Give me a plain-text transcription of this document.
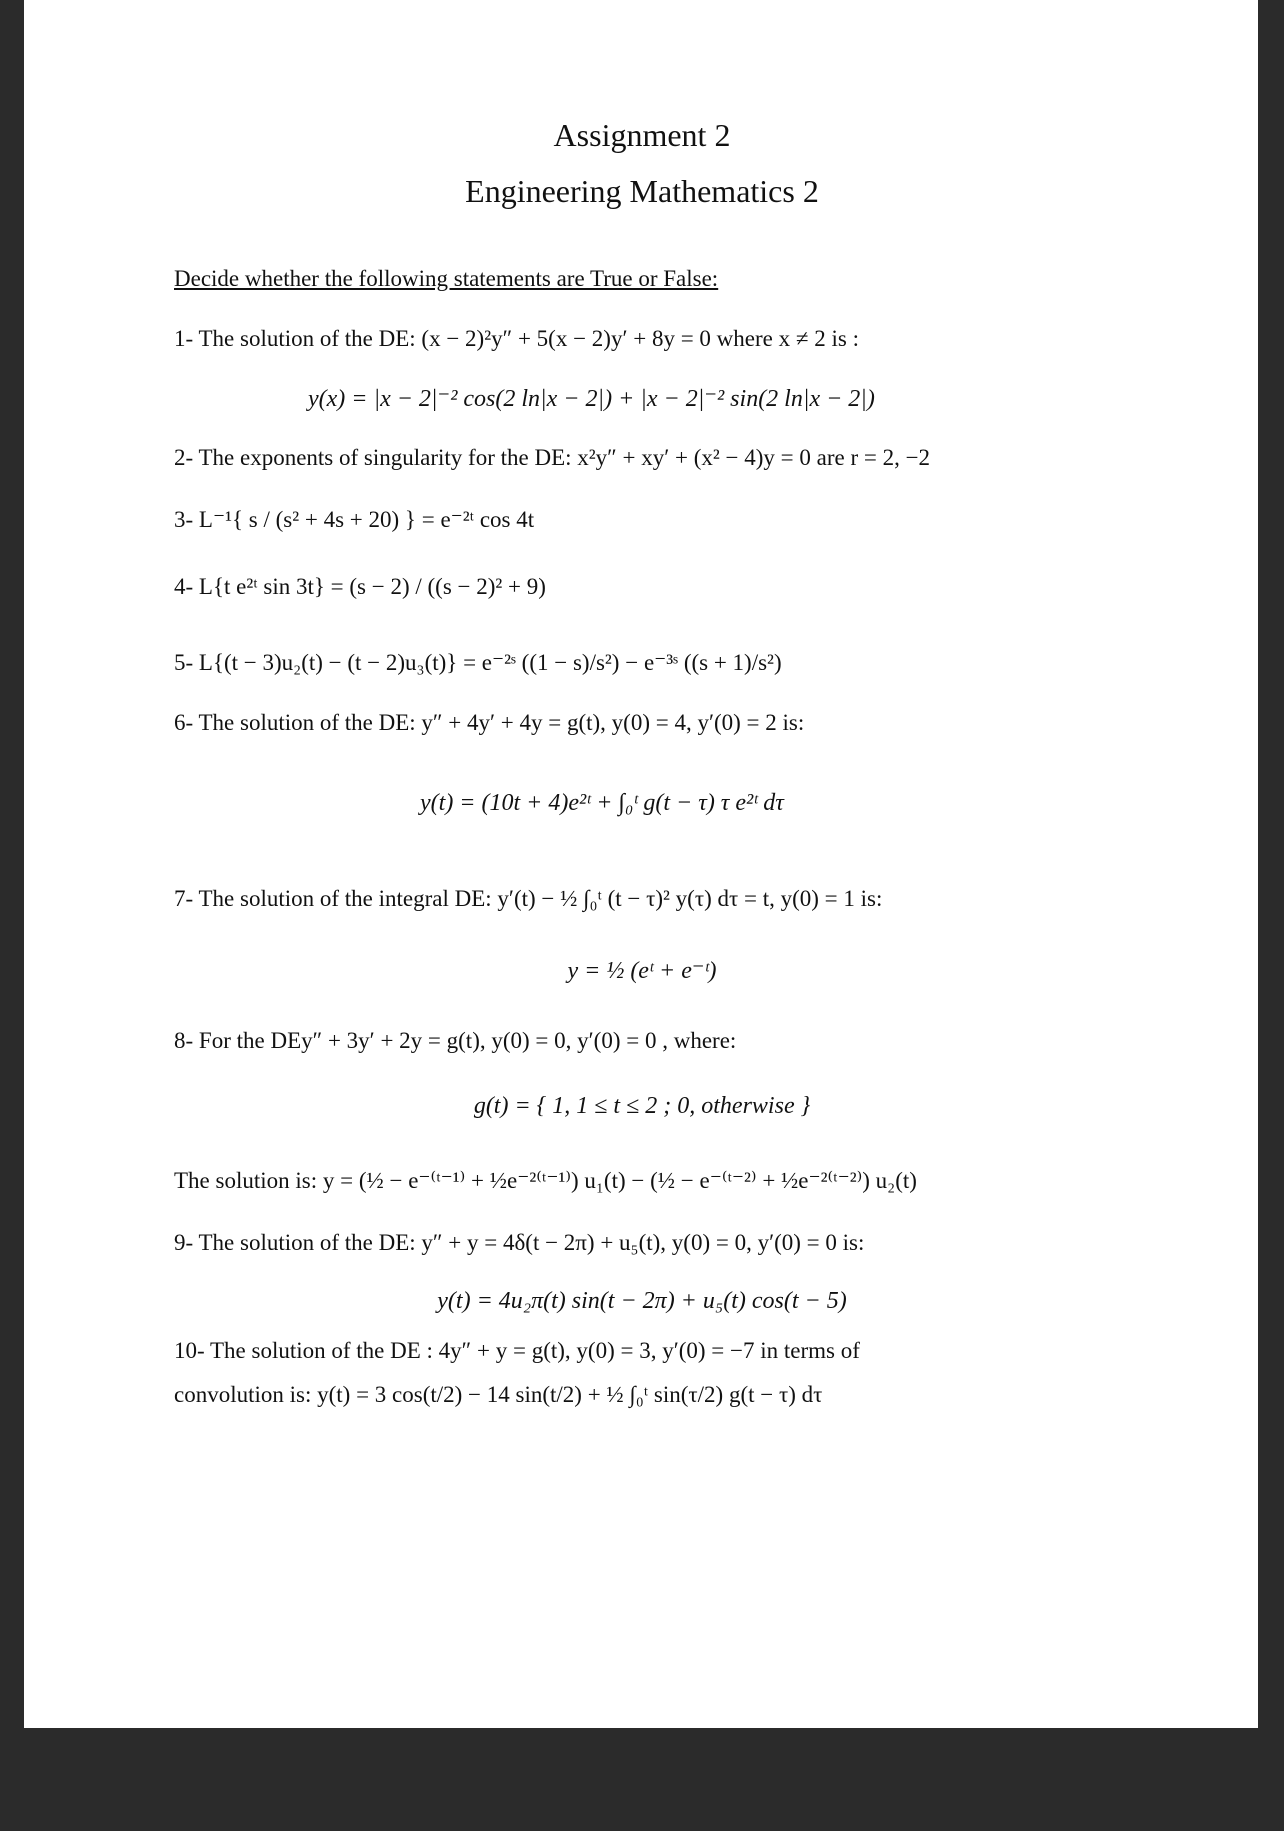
Assignment 2
Engineering Mathematics 2
Decide whether the following statements are True or False:
1- The solution of the DE: (x − 2)²y″ + 5(x − 2)y′ + 8y = 0 where x ≠ 2 is :
y(x) = |x − 2|⁻² cos(2 ln|x − 2|) + |x − 2|⁻² sin(2 ln|x − 2|)
2- The exponents of singularity for the DE: x²y″ + xy′ + (x² − 4)y = 0 are r = 2, −2
3- L⁻¹{ s / (s² + 4s + 20) } = e⁻²ᵗ cos 4t
4- L{t e²ᵗ sin 3t} = (s − 2) / ((s − 2)² + 9)
5- L{(t − 3)u₂(t) − (t − 2)u₃(t)} = e⁻²ˢ ((1 − s)/s²) − e⁻³ˢ ((s + 1)/s²)
6- The solution of the DE: y″ + 4y′ + 4y = g(t), y(0) = 4, y′(0) = 2 is:
y(t) = (10t + 4)e²ᵗ + ∫₀ᵗ g(t − τ) τ e²ᵗ dτ
7- The solution of the integral DE: y′(t) − ½ ∫₀ᵗ (t − τ)² y(τ) dτ = t, y(0) = 1 is:
y = ½ (eᵗ + e⁻ᵗ)
8- For the DEy″ + 3y′ + 2y = g(t), y(0) = 0, y′(0) = 0 , where:
g(t) = { 1, 1 ≤ t ≤ 2 ; 0, otherwise }
The solution is: y = (½ − e⁻⁽ᵗ⁻¹⁾ + ½e⁻²⁽ᵗ⁻¹⁾) u₁(t) − (½ − e⁻⁽ᵗ⁻²⁾ + ½e⁻²⁽ᵗ⁻²⁾) u₂(t)
9- The solution of the DE: y″ + y = 4δ(t − 2π) + u₅(t), y(0) = 0, y′(0) = 0 is:
y(t) = 4u₂π(t) sin(t − 2π) + u₅(t) cos(t − 5)
10- The solution of the DE : 4y″ + y = g(t), y(0) = 3, y′(0) = −7 in terms of
convolution is: y(t) = 3 cos(t/2) − 14 sin(t/2) + ½ ∫₀ᵗ sin(τ/2) g(t − τ) dτ
